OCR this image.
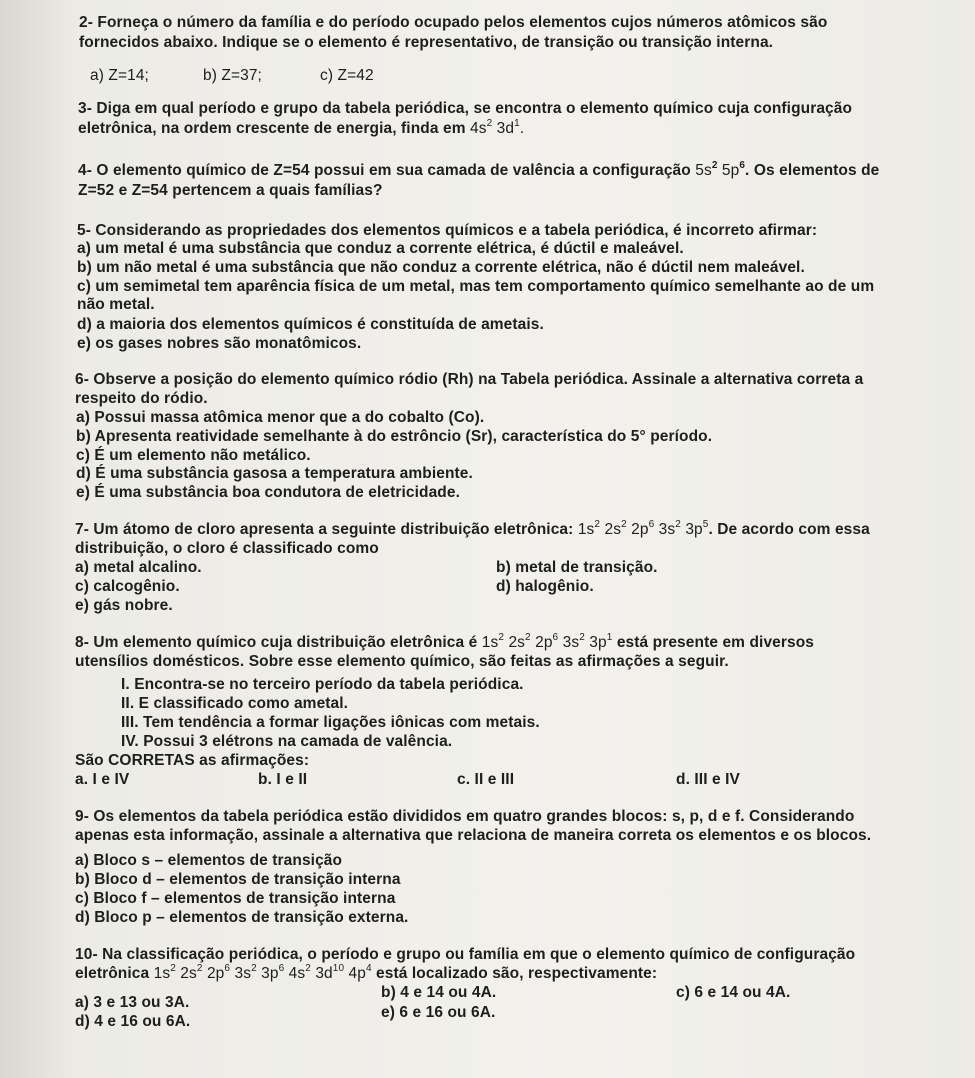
2- Forneça o número da família e do período ocupado pelos elementos cujos números atômicos são
fornecidos abaixo. Indique se o elemento é representativo, de transição ou transição interna.
a) Z=14;	b) Z=37;	c) Z=42
3- Diga em qual período e grupo da tabela periódica, se encontra o elemento químico cuja configuração
eletrônica, na ordem crescente de energia, finda em $4s^2$ $3d^1$.
4- O elemento químico de Z=54 possui em sua camada de valência a configuração $5s^2$ $5p^6$. Os elementos de
Z=52 e Z=54 pertencem a quais famílias?
5- Considerando as propriedades dos elementos químicos e a tabela periódica, é incorreto afirmar:
a) um metal é uma substância que conduz a corrente elétrica, é dúctil e maleável.
b) um não metal é uma substância que não conduz a corrente elétrica, não é dúctil nem maleável.
c) um semimetal tem aparência física de um metal, mas tem comportamento químico semelhante ao de um
não metal.
d) a maioria dos elementos químicos é constituída de ametais.
e) os gases nobres são monatômicos.
6- Observe a posição do elemento químico ródio (Rh) na Tabela periódica. Assinale a alternativa correta a
respeito do ródio.
a) Possui massa atômica menor que a do cobalto (Co).
b) Apresenta reatividade semelhante à do estrôncio (Sr), característica do 5° período.
c) É um elemento não metálico.
d) É uma substância gasosa a temperatura ambiente.
e) É uma substância boa condutora de eletricidade.
7- Um átomo de cloro apresenta a seguinte distribuição eletrônica: $1s^2$ $2s^2$ $2p^6$ $3s^2$ $3p^5$. De acordo com essa
distribuição, o cloro é classificado como
a) metal alcalino.	b) metal de transição.
c) calcogênio.	d) halogênio.
e) gás nobre.
8- Um elemento químico cuja distribuição eletrônica é $1s^2$ $2s^2$ $2p^6$ $3s^2$ $3p^1$ está presente em diversos
utensílios domésticos. Sobre esse elemento químico, são feitas as afirmações a seguir.
I. Encontra-se no terceiro período da tabela periódica.
II. E classificado como ametal.
III. Tem tendência a formar ligações iônicas com metais.
IV. Possui 3 elétrons na camada de valência.
São CORRETAS as afirmações:
a. I e IV	b. I e II	c. II e III	d. III e IV
9- Os elementos da tabela periódica estão divididos em quatro grandes blocos: s, p, d e f. Considerando
apenas esta informação, assinale a alternativa que relaciona de maneira correta os elementos e os blocos.
a) Bloco s – elementos de transição
b) Bloco d – elementos de transição interna
c) Bloco f – elementos de transição interna
d) Bloco p – elementos de transição externa.
10- Na classificação periódica, o período e grupo ou família em que o elemento químico de configuração
eletrônica $1s^2$ $2s^2$ $2p^6$ $3s^2$ $3p^6$ $4s^2$ $3d^{10}$ $4p^4$ está localizado são, respectivamente:
a) 3 e 13 ou 3A.
b) 4 e 14 ou 4A.	c) 6 e 14 ou 4A.
d) 4 e 16 ou 6A.
e) 6 e 16 ou 6A.
